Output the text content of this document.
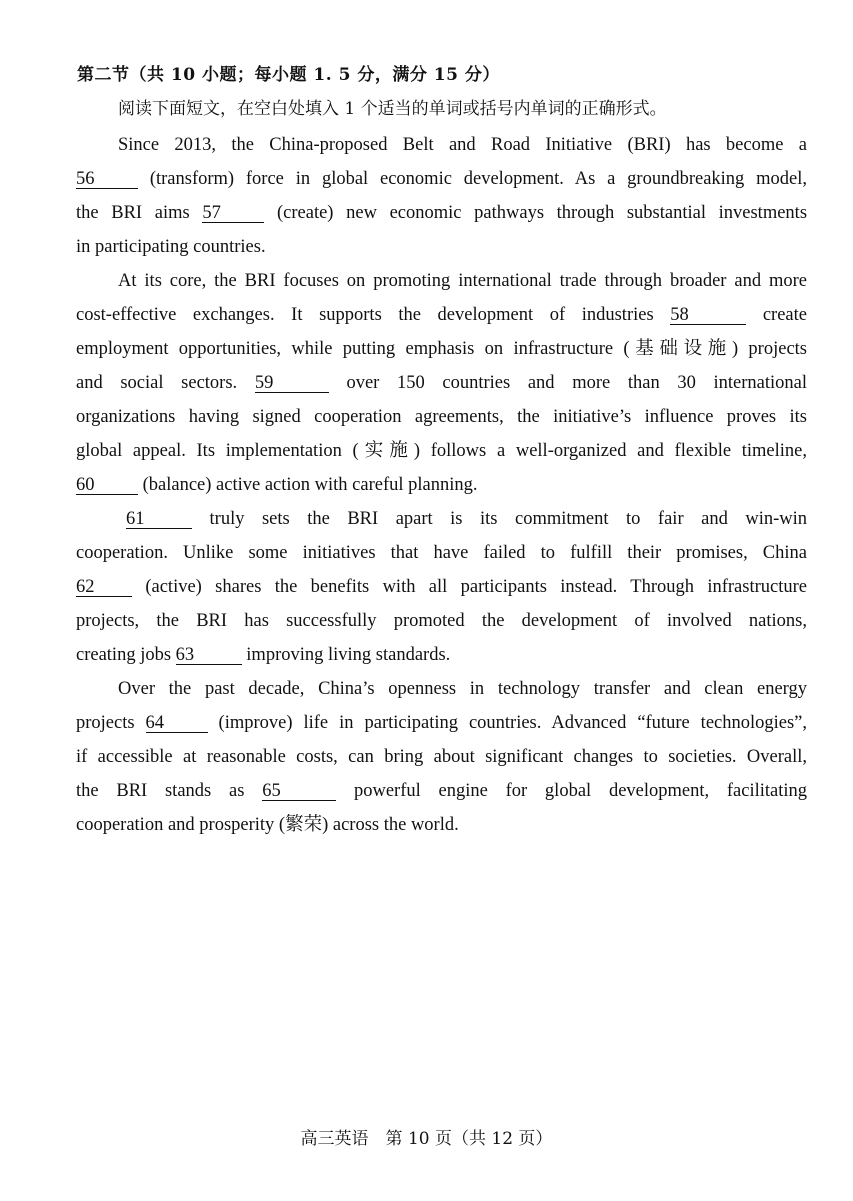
第二节（共 10 小题；每小题 1. 5 分，满分 15 分）
阅读下面短文，在空白处填入 1 个适当的单词或括号内单词的正确形式。
Since 2013, the China-proposed Belt and Road Initiative (BRI) has become a
56	(transform) force in global economic development. As a groundbreaking model,
the BRI aims 57	(create) new economic pathways through substantial investments
in participating countries.
At its core, the BRI focuses on promoting international trade through broader and more
cost-effective exchanges. It supports the development of industries 58	create
employment opportunities, while putting emphasis on infrastructure (基础设施) projects
and social sectors. 59	over 150 countries and more than 30 international
organizations having signed cooperation agreements, the initiative’s influence proves its
global appeal. Its implementation (实施) follows a well-organized and flexible timeline,
60	(balance) active action with careful planning.
61	truly sets the BRI apart is its commitment to fair and win-win
cooperation. Unlike some initiatives that have failed to fulfill their promises, China
62	(active) shares the benefits with all participants instead. Through infrastructure
projects, the BRI has successfully promoted the development of involved nations,
creating jobs 63	improving living standards.
Over the past decade, China’s openness in technology transfer and clean energy
projects 64	(improve) life in participating countries. Advanced “future technologies”,
if accessible at reasonable costs, can bring about significant changes to societies. Overall,
the BRI stands as 65	powerful engine for global development, facilitating
cooperation and prosperity (繁荣) across the world.
高三英语　第 10 页（共 12 页）
